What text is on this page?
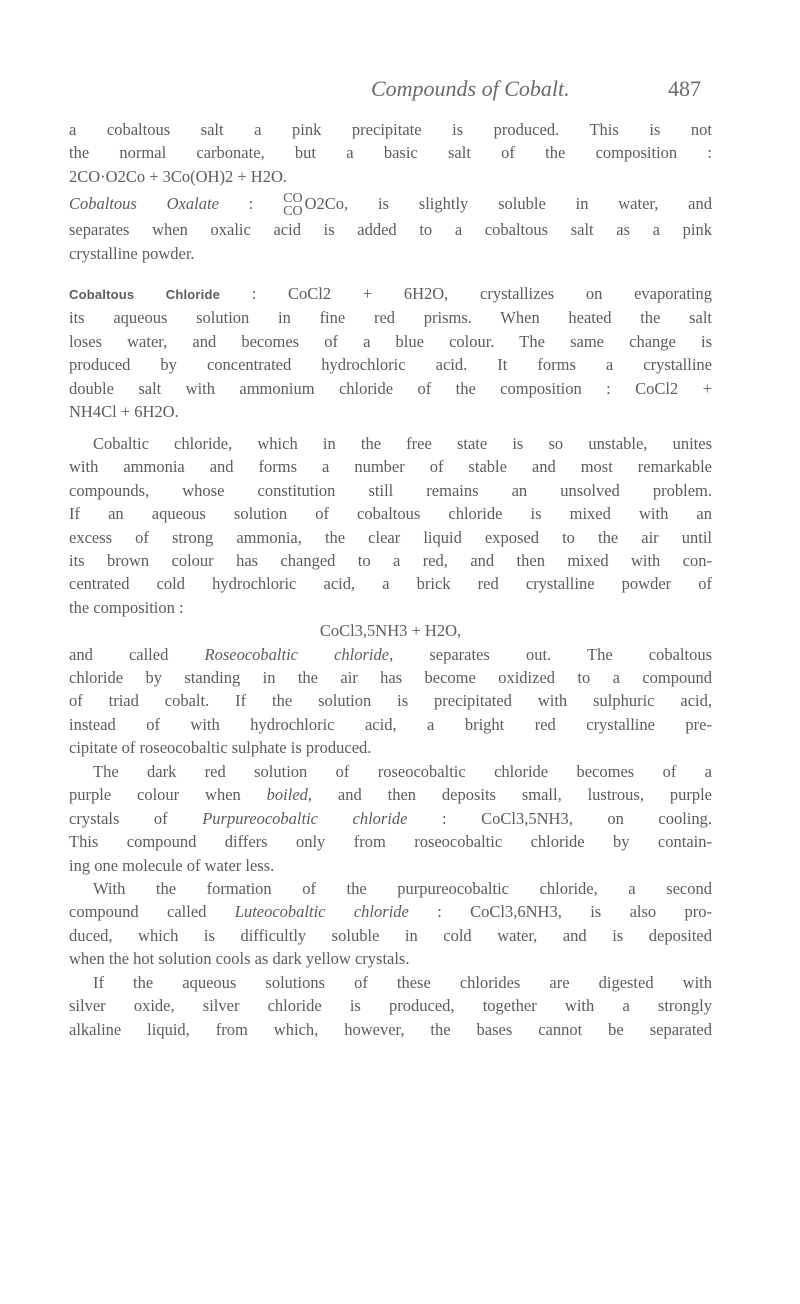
Compounds of Cobalt.	487
a cobaltous salt a pink precipitate is produced. This is not
the normal carbonate, but a basic salt of the composition :
2CO·O2Co + 3Co(OH)2 + H2O.
Cobaltous Oxalate : CO
CO O2Co, is slightly soluble in water, and
separates when oxalic acid is added to a cobaltous salt as a pink
crystalline powder.
Cobaltous Chloride : CoCl2 + 6H2O, crystallizes on evaporating
its aqueous solution in fine red prisms. When heated the salt
loses water, and becomes of a blue colour. The same change is
produced by concentrated hydrochloric acid. It forms a crystalline
double salt with ammonium chloride of the composition : CoCl2 +
NH4Cl + 6H2O.
Cobaltic chloride, which in the free state is so unstable, unites
with ammonia and forms a number of stable and most remarkable
compounds, whose constitution still remains an unsolved problem.
If an aqueous solution of cobaltous chloride is mixed with an
excess of strong ammonia, the clear liquid exposed to the air until
its brown colour has changed to a red, and then mixed with con-
centrated cold hydrochloric acid, a brick red crystalline powder of
the composition :
CoCl3,5NH3 + H2O,
and called Roseocobaltic chloride, separates out. The cobaltous
chloride by standing in the air has become oxidized to a compound
of triad cobalt. If the solution is precipitated with sulphuric acid,
instead of with hydrochloric acid, a bright red crystalline pre-
cipitate of roseocobaltic sulphate is produced.
The dark red solution of roseocobaltic chloride becomes of a
purple colour when boiled, and then deposits small, lustrous, purple
crystals of Purpureocobaltic chloride : CoCl3,5NH3, on cooling.
This compound differs only from roseocobaltic chloride by contain-
ing one molecule of water less.
With the formation of the purpureocobaltic chloride, a second
compound called Luteocobaltic chloride : CoCl3,6NH3, is also pro-
duced, which is difficultly soluble in cold water, and is deposited
when the hot solution cools as dark yellow crystals.
If the aqueous solutions of these chlorides are digested with
silver oxide, silver chloride is produced, together with a strongly
alkaline liquid, from which, however, the bases cannot be separated
